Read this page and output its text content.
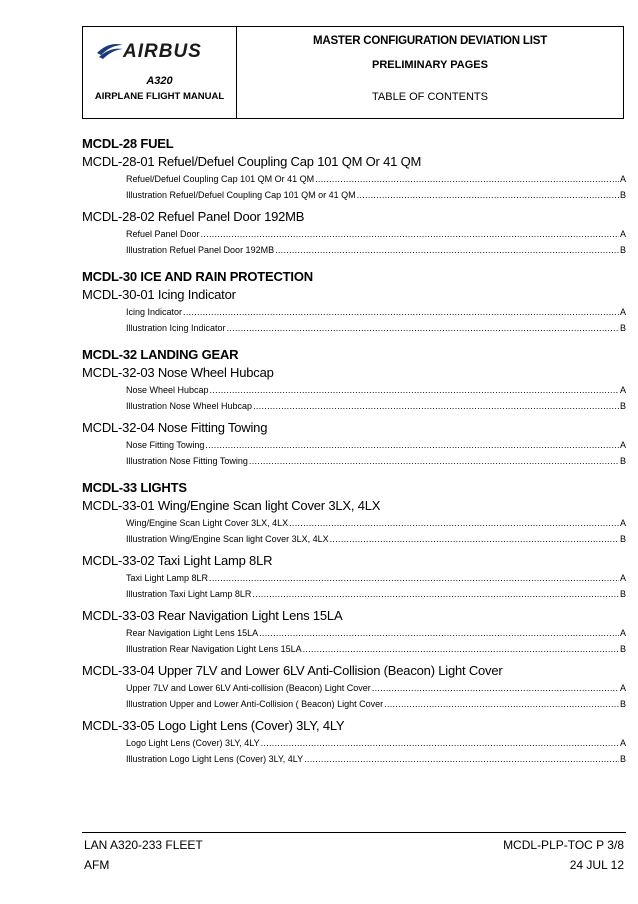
AIRBUS
A320
AIRPLANE FLIGHT MANUAL
MASTER CONFIGURATION DEVIATION LIST
PRELIMINARY PAGES
TABLE OF CONTENTS
MCDL-28 FUEL
MCDL-28-01 Refuel/Defuel Coupling Cap 101 QM Or 41 QM
Refuel/Defuel Coupling Cap 101 QM Or 41 QM .....	A
Illustration Refuel/Defuel Coupling Cap 101 QM or 41 QM .....	B
MCDL-28-02 Refuel Panel Door 192MB
Refuel Panel Door .....	A
Illustration Refuel Panel Door 192MB .....	B
MCDL-30 ICE AND RAIN PROTECTION
MCDL-30-01 Icing Indicator
Icing Indicator .....	A
Illustration Icing Indicator .....	B
MCDL-32 LANDING GEAR
MCDL-32-03 Nose Wheel Hubcap
Nose Wheel Hubcap .....	A
Illustration Nose Wheel Hubcap .....	B
MCDL-32-04 Nose Fitting Towing
Nose Fitting Towing .....	A
Illustration Nose Fitting Towing .....	B
MCDL-33 LIGHTS
MCDL-33-01 Wing/Engine Scan light Cover 3LX, 4LX
Wing/Engine Scan Light Cover 3LX, 4LX .....	A
Illustration Wing/Engine Scan light Cover 3LX, 4LX .....	B
MCDL-33-02 Taxi Light Lamp 8LR
Taxi Light Lamp 8LR .....	A
Illustration Taxi Light Lamp 8LR .....	B
MCDL-33-03 Rear Navigation Light Lens 15LA
Rear Navigation Light Lens 15LA .....	A
Illustration Rear Navigation Light Lens 15LA .....	B
MCDL-33-04 Upper 7LV and Lower 6LV Anti-Collision (Beacon) Light Cover
Upper 7LV and Lower 6LV Anti-collision (Beacon) Light Cover .....	A
Illustration Upper and Lower Anti-Collision ( Beacon) Light Cover .....	B
MCDL-33-05 Logo Light Lens (Cover) 3LY, 4LY
Logo Light Lens (Cover) 3LY, 4LY .....	A
Illustration Logo Light Lens (Cover) 3LY, 4LY .....	B
LAN A320-233 FLEET
AFM
MCDL-PLP-TOC P 3/8
24 JUL 12
